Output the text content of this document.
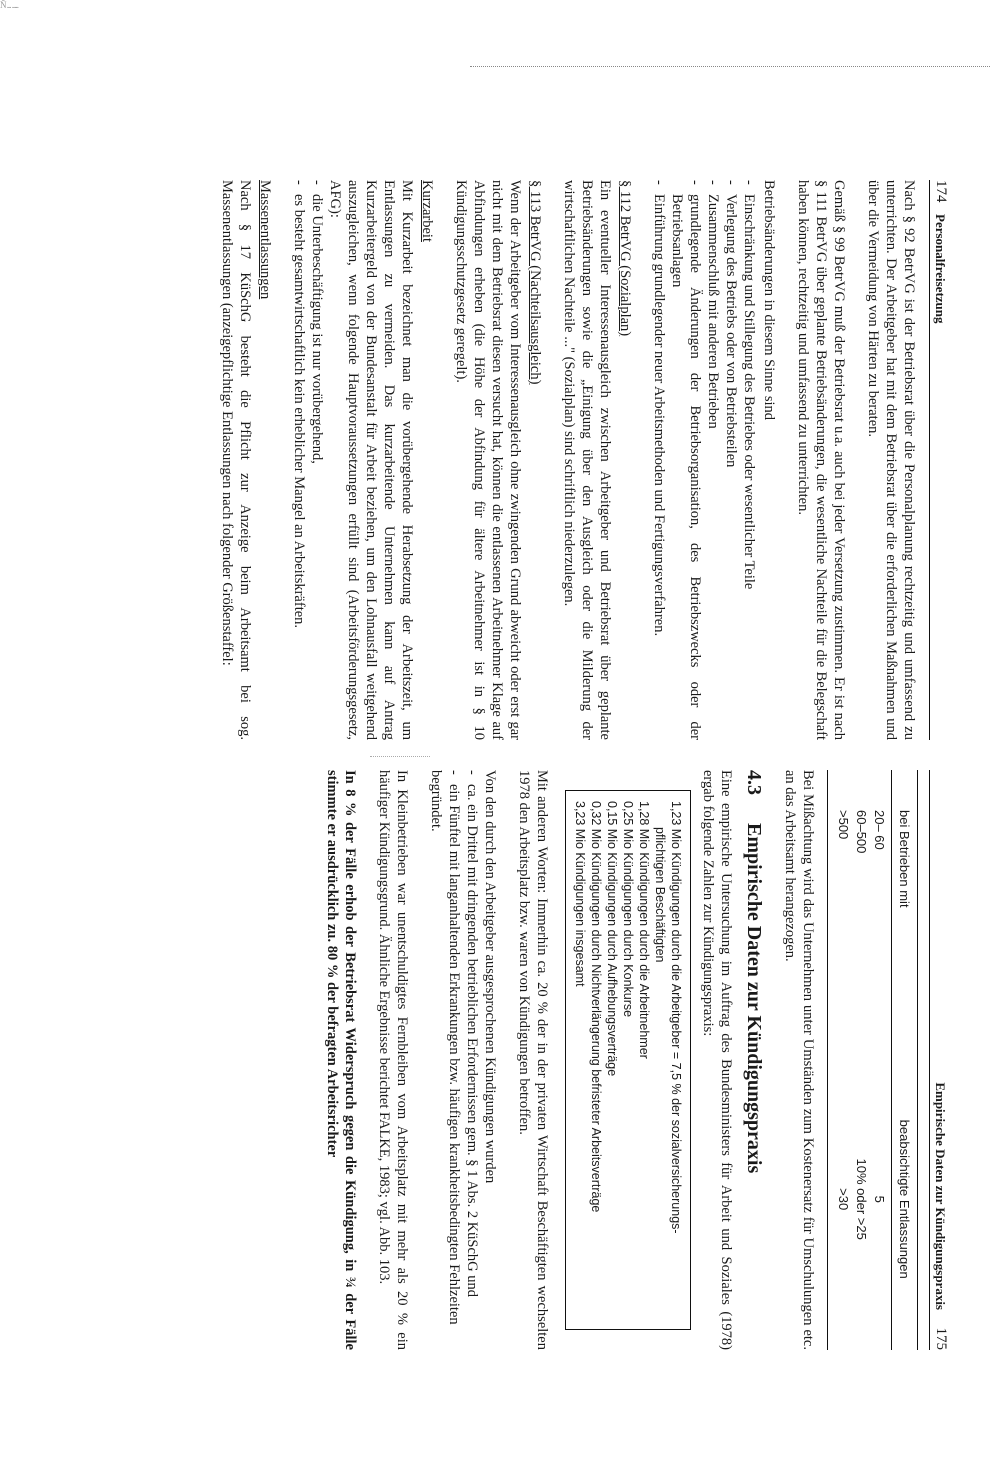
Ñ ... .....
174
Personalfreisetzung

Nach § 92 BetrVG ist der Betriebsrat über die Personalplanung rechtzeitig und umfassend zu unterrichten. Der Arbeitgeber hat mit dem Betriebsrat über die erforderlichen Maßnahmen und über die Vermeidung von Härten zu beraten.

Gemäß § 99 BetrVG muß der Betriebsrat u.a. auch bei jeder Versetzung zustimmen. Er ist nach § 111 BetrVG über geplante Betriebsänderungen, die wesentliche Nachteile für die Belegschaft haben können, rechtzeitig und umfassend zu unterrichten.

Betriebsänderungen in diesem Sinne sind

- Einschränkung und Stillegung des Betriebes oder wesentlicher Teile
- Verlegung des Betriebs oder von Betriebsteilen
- Zusammenschluß mit anderen Betrieben
- grundlegende Änderungen der Betriebsorganisation, des Betriebszwecks oder der Betriebsanlagen
- Einführung grundlegender neuer Arbeitsmethoden und Fertigungsverfahren.
§ 112 BetrVG (Sozialplan)

Ein eventueller Interessenausgleich zwischen Arbeitgeber und Betriebsrat über geplante Betriebsänderungen sowie die „Einigung über den Ausgleich oder die Milderung der wirtschaftlichen Nachteile ..." (Sozialplan) sind schriftlich niederzulegen.

§ 113 BetrVG (Nachteilsausgleich)

Wenn der Arbeitgeber vom Interessenausgleich ohne zwingenden Grund abweicht oder erst gar nicht mit dem Betriebsrat diesen versucht hat, können die entlassenen Arbeitnehmer Klage auf Abfindungen erheben (die Höhe der Abfindung für ältere Arbeitnehmer ist in § 10 Kündigungsschutzgesetz geregelt).

Kurzarbeit

Mit Kurzarbeit bezeichnet man die vorübergehende Herabsetzung der Arbeitszeit, um Entlassungen zu vermeiden. Das kurzarbeitende Unternehmen kann auf Antrag Kurzarbeitergeld von der Bundesanstalt für Arbeit beziehen, um den Lohnausfall weitgehend auszugleichen, wenn folgende Hauptvoraussetzungen erfüllt sind (Arbeitsförderungsgesetz, AFG):

- die Unterbeschäftigung ist nur vorübergehend,
- es besteht gesamtwirtschaftlich kein erheblicher Mangel an Arbeitskräften.
Massenentlassungen

Nach § 17 KüSchG besteht die Pflicht zur Anzeige beim Arbeitsamt bei sog. Massenentlassungen (anzeigepflichtige Entlassungen nach folgender Größenstaffel:

Empirische Daten zur Kündigungspraxis
175
bei Betrieben mit
beabsichtigte Entlassungen
20– 60
5
60–500
10% oder >25
>500
>30

Bei Mißachtung wird das Unternehmen unter Umständen zum Kostenersatz für Umschulungen etc. an das Arbeitsamt herangezogen.

4.3
Empirische Daten zur Kündigungspraxis

Eine empirische Untersuchung im Auftrag des Bundesministers für Arbeit und Soziales (1978) ergab folgende Zahlen zur Kündigungspraxis:

1,23 Mio Kündigungen durch die Arbeitgeber = 7,5 % der sozialversicherungs-
pflichtigen Beschäftigten
1,28 Mio Kündigungen durch die Arbeitnehmer
0,25 Mio Kündigungen durch Konkurse
0,15 Mio Kündigungen durch Aufhebungsverträge
0,32 Mio Kündigungen durch Nichtverlängerung befristeter Arbeitsverträge
3,23 Mio Kündigungen insgesamt

Mit anderen Worten: Immerhin ca. 20 % der in der privaten Wirtschaft Beschäftigten wechselten 1978 den Arbeitsplatz bzw. waren von Kündigungen betroffen.

Von den durch den Arbeitgeber ausgesprochenen Kündigungen wurden

- ca. ein Drittel mit dringenden betrieblichen Erfordernissen gem. § 1 Abs. 2 KüSchG und
- ein Fünftel mit langanhaltenden Erkrankungen bzw. häufigen krankheitsbedingten Fehlzeiten

begründet.

In Kleinbetrieben war unentschuldigtes Fernbleiben vom Arbeitsplatz mit mehr als 20 % ein häufiger Kündigungsgrund. Ähnliche Ergebnisse berichtet FALKE, 1983; vgl. Abb. 103.

In 8 % der Fälle erhob der Betriebsrat Widerspruch gegen die Kündigung, in ¾ der Fälle stimmte er ausdrücklich zu. 80 % der befragten Arbeitsrichter
